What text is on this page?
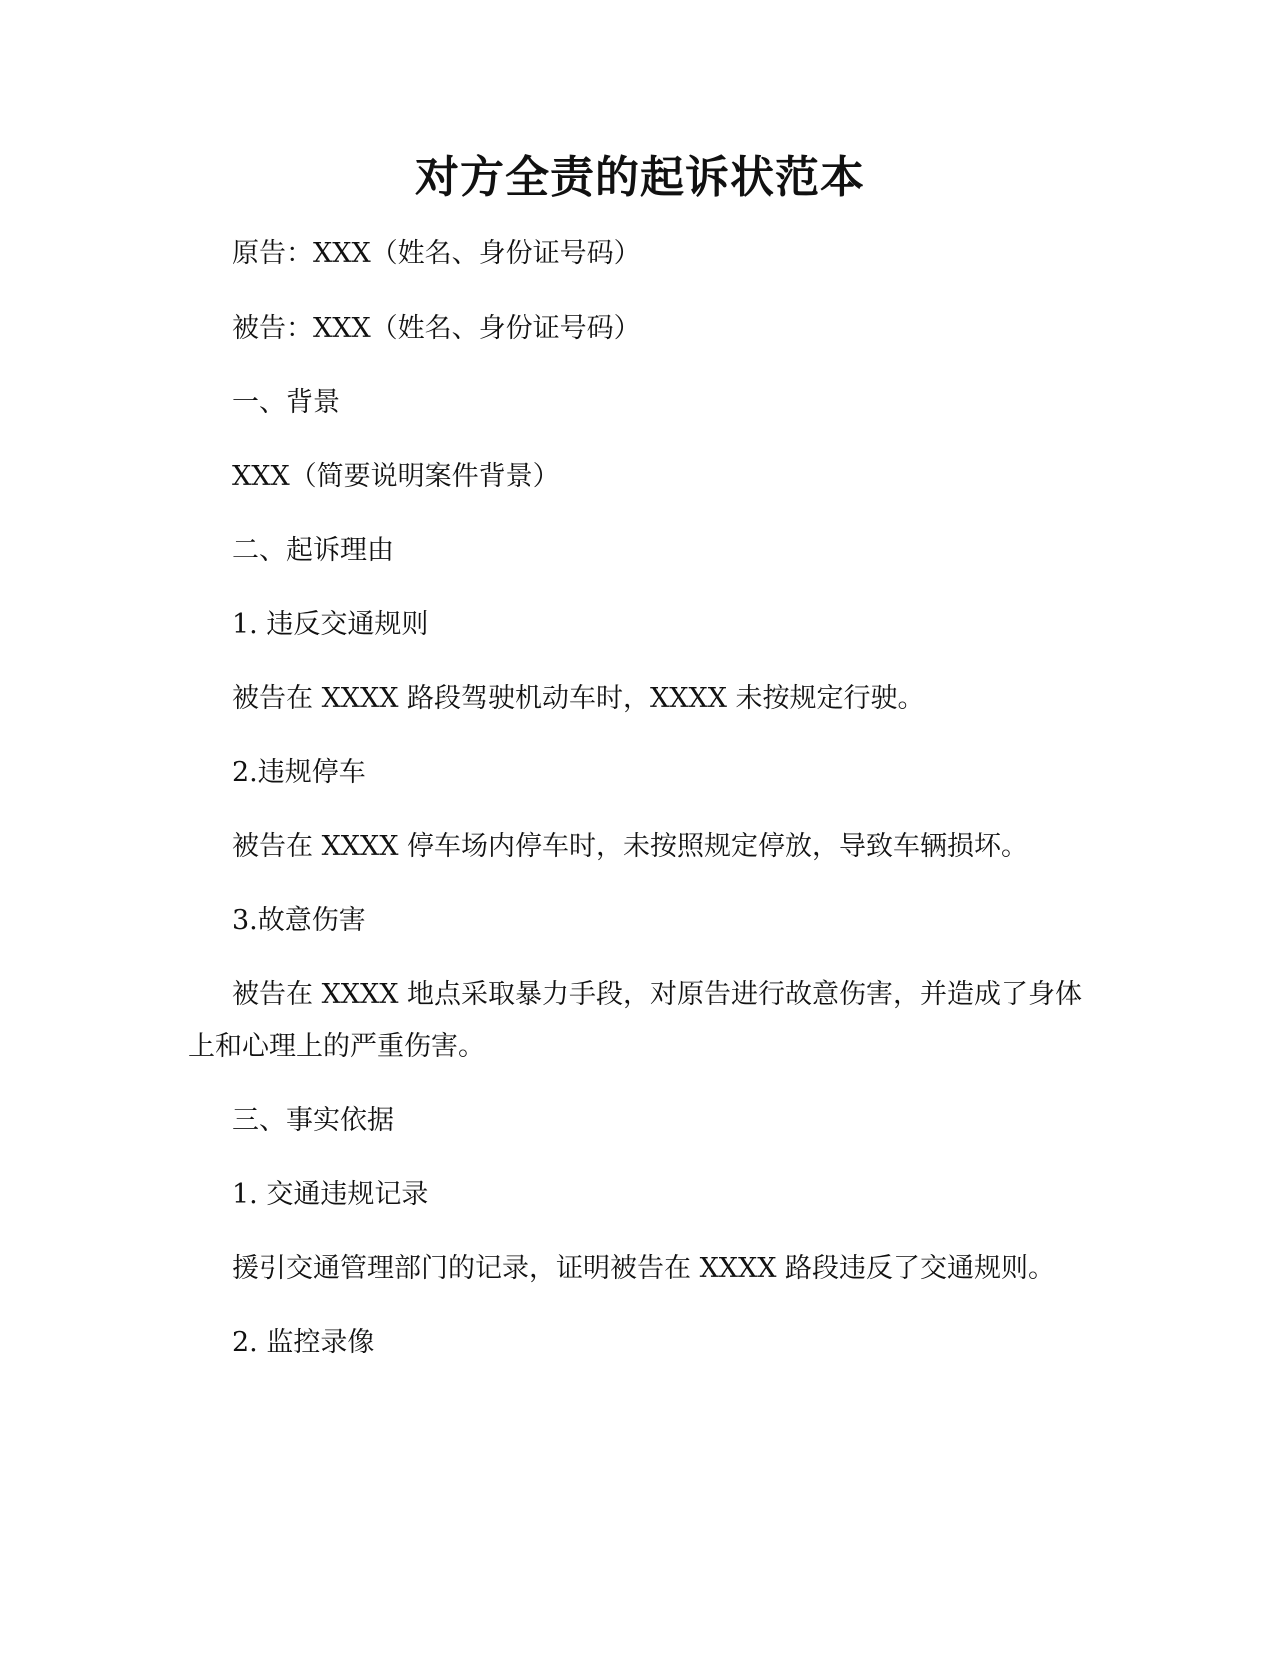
对方全责的起诉状范本

原告：XXX（姓名、身份证号码）

被告：XXX（姓名、身份证号码）

一、背景

XXX（简要说明案件背景）

二、起诉理由

1. 违反交通规则

被告在 XXXX 路段驾驶机动车时，XXXX 未按规定行驶。

2.违规停车

被告在 XXXX 停车场内停车时，未按照规定停放，导致车辆损坏。

3.故意伤害

被告在 XXXX 地点采取暴力手段，对原告进行故意伤害，并造成了身体上和心理上的严重伤害。

三、事实依据

1. 交通违规记录

援引交通管理部门的记录，证明被告在 XXXX 路段违反了交通规则。

2. 监控录像
